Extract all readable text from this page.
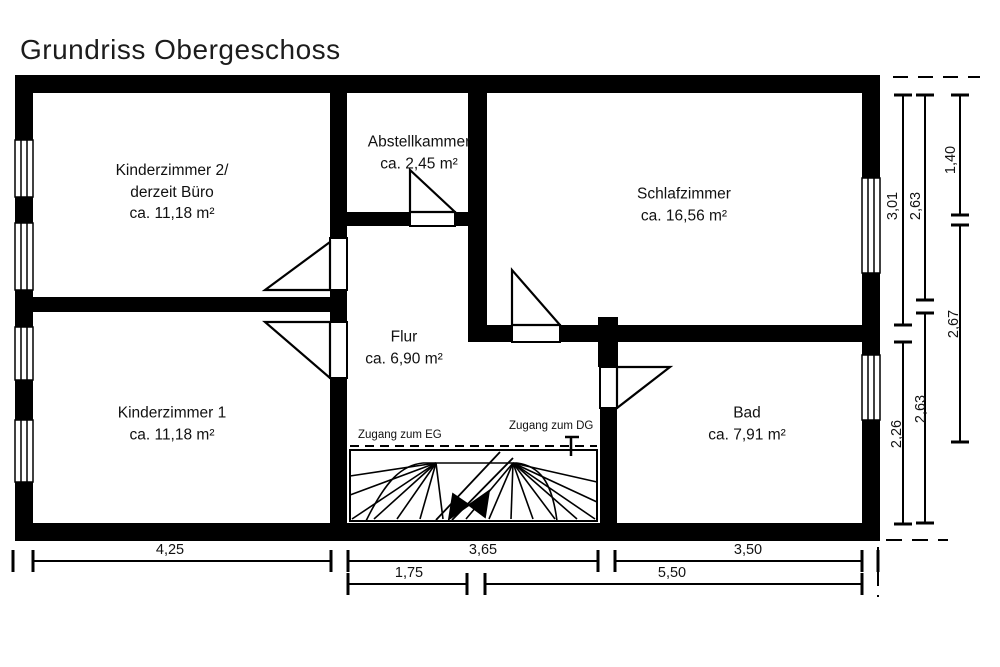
Grundriss Obergeschoss
Kinderzimmer 2/
derzeit Büro
ca. 11,18 m²
Abstellkammer
ca. 2,45 m²
Schlafzimmer
ca. 16,56 m²
Kinderzimmer 1
ca. 11,18 m²
Flur
ca. 6,90 m²
Bad
ca. 7,91 m²
Zugang zum EG
Zugang zum DG
3,01 2,63
1,40
2,26
2,63
2,67
4,25	3,65	3,50
1,75	5,50
